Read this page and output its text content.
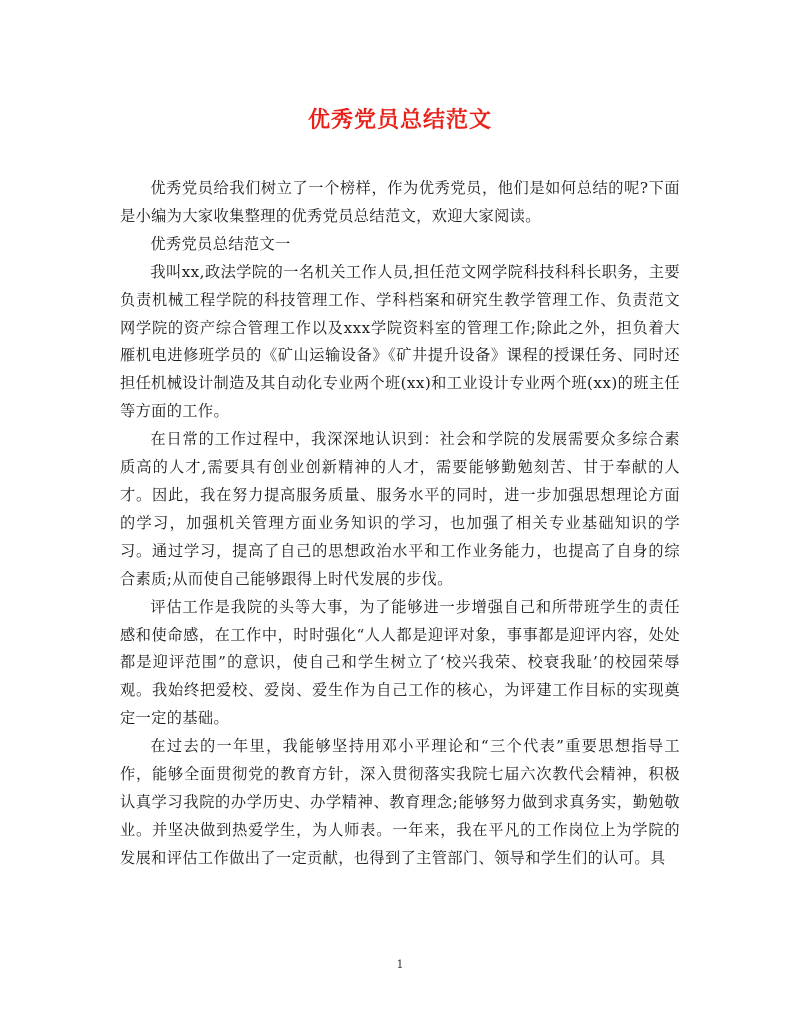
优秀党员总结范文

优秀党员给我们树立了一个榜样，作为优秀党员，他们是如何总结的呢?下面是小编为大家收集整理的优秀党员总结范文，欢迎大家阅读。

优秀党员总结范文一

我叫xx,政法学院的一名机关工作人员,担任范文网学院科技科科长职务，主要负责机械工程学院的科技管理工作、学科档案和研究生教学管理工作、负责范文网学院的资产综合管理工作以及xxx学院资料室的管理工作;除此之外，担负着大雁机电进修班学员的《矿山运输设备》《矿井提升设备》课程的授课任务、同时还担任机械设计制造及其自动化专业两个班(xx)和工业设计专业两个班(xx)的班主任等方面的工作。

在日常的工作过程中，我深深地认识到：社会和学院的发展需要众多综合素质高的人才,需要具有创业创新精神的人才，需要能够勤勉刻苦、甘于奉献的人才。因此，我在努力提高服务质量、服务水平的同时，进一步加强思想理论方面的学习，加强机关管理方面业务知识的学习，也加强了相关专业基础知识的学习。通过学习，提高了自己的思想政治水平和工作业务能力，也提高了自身的综合素质;从而使自己能够跟得上时代发展的步伐。

评估工作是我院的头等大事，为了能够进一步增强自己和所带班学生的责任感和使命感，在工作中，时时强化“人人都是迎评对象，事事都是迎评内容，处处都是迎评范围”的意识，使自己和学生树立了‘校兴我荣、校衰我耻’的校园荣辱观。我始终把爱校、爱岗、爱生作为自己工作的核心，为评建工作目标的实现奠定一定的基础。

在过去的一年里，我能够坚持用邓小平理论和“三个代表”重要思想指导工作，能够全面贯彻党的教育方针，深入贯彻落实我院七届六次教代会精神，积极认真学习我院的办学历史、办学精神、教育理念;能够努力做到求真务实，勤勉敬业。并坚决做到热爱学生，为人师表。一年来，我在平凡的工作岗位上为学院的发展和评估工作做出了一定贡献，也得到了主管部门、领导和学生们的认可。具

1
